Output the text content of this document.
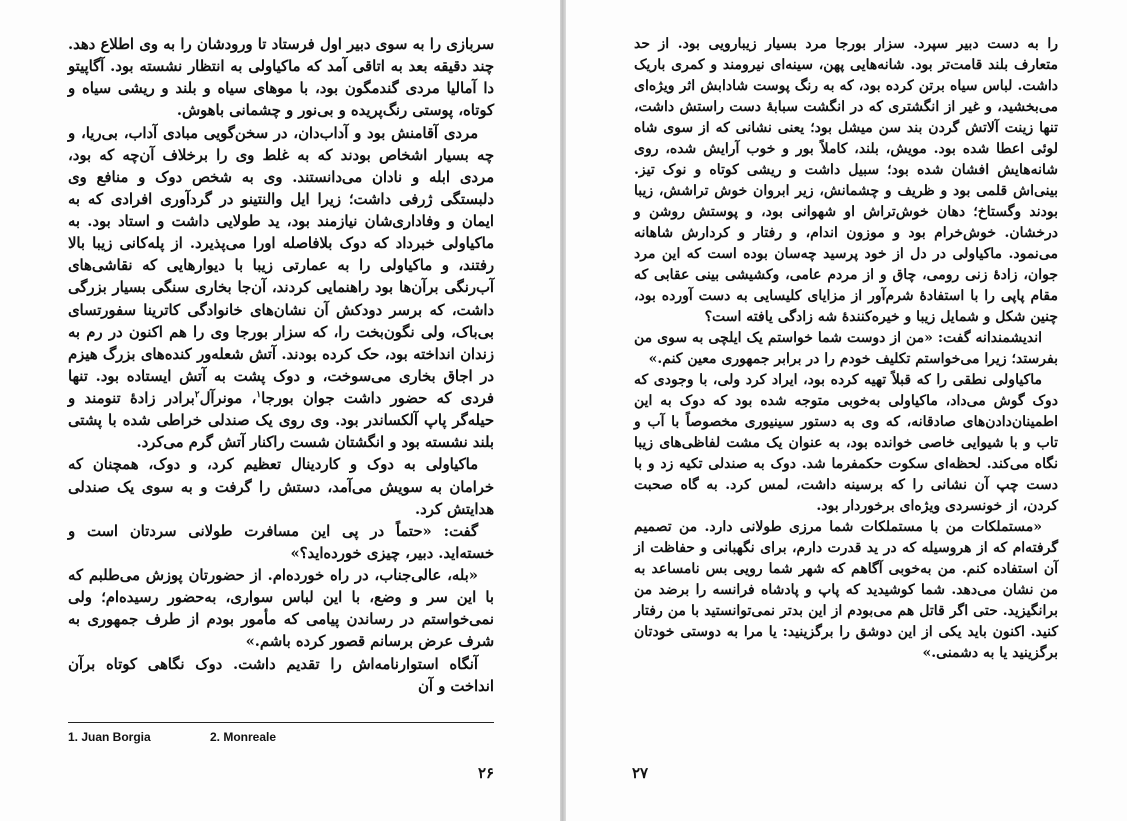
سربازی را به سوی دبیر اول فرستاد تا ورودشان را به وی اطلاع دهد. چند دقیقه بعد به اتاقی آمد که ماکیاولی به انتظار نشسته بود. آگاپیتو دا آمالیا مردی گندمگون بود، با موهای سیاه و بلند و ریشی سیاه و کوتاه، پوستی رنگ‌پریده و بی‌نور و چشمانی باهوش.

مردی آقامنش بود و آداب‌دان، در سخن‌گویی مبادی آداب، بی‌ریا، و چه بسیار اشخاص بودند که به غلط وی را برخلاف آن‌چه که بود، مردی ابله و نادان می‌دانستند. وی به شخص دوک و منافع وی دلبستگی ژرفی داشت؛ زیرا ایل والنتینو در گردآوری افرادی که به ایمان و وفاداری‌شان نیازمند بود، ید طولایی داشت و استاد بود. به ماکیاولی خبرداد که دوک بلافاصله اورا می‌پذیرد. از پله‌کانی زیبا بالا رفتند، و ماکیاولی را به عمارتی زیبا با دیوارهایی که نقاشی‌های آب‌رنگی بر‌آن‌ها بود راهنمایی کردند، آن‌جا بخاری سنگی بسیار بزرگی داشت، که برسر دودکش آن نشان‌های خانوادگی کاترینا سفورتسای بی‌باک، ولی نگون‌بخت را، که سزار بورجا وی را هم اکنون در رم به زندان انداخته بود، حک کرده بودند. آتش شعله‌ور کنده‌های بزرگ هیزم در اجاق بخاری می‌سوخت، و دوک پشت به آتش ایستاده بود. تنها فردی که حضور داشت جوان بورجا$^۱$، مونرآل$^۲$برادر زادهٔ تنومند و حیله‌گر پاپ آلکساندر بود. وی روی یک صندلی خراطی شده با پشتی بلند نشسته بود و انگشتان شست راکنار آتش گرم می‌کرد.

ماکیاولی به دوک و کاردینال تعظیم کرد، و دوک، همچنان که خرامان به سویش می‌آمد، دستش را گرفت و به سوی یک صندلی هدایتش کرد.

گفت: «حتماً در پی این مسافرت طولانی سردتان است و خسته‌اید. دبیر، چیزی خورده‌اید؟»

«بله، عالی‌جناب، در راه خورده‌ام. از حضورتان پوزش می‌طلبم که با این سر و وضع، با این لباس سواری، به‌حضور رسیده‌ام؛ ولی نمی‌خواستم در رساندن پیامی که مأمور بودم از طرف جمهوری به شرف عرض برسانم قصور کرده باشم.»

آنگاه استوارنامه‌اش را تقدیم داشت. دوک نگاهی کوتاه برآن انداخت و آن

1. Juan Borgia	2. Monreale
۲۶

را به دست دبیر سپرد. سزار بورجا مرد بسیار زیبارویی بود. از حد متعارف بلند قامت‌تر بود. شانه‌هایی پهن، سینه‌ای نیرومند و کمری باریک داشت. لباس سیاه برتن کرده بود، که به رنگ پوست شادابش اثر ویژه‌ای می‌بخشید، و غیر از انگشتری که در انگشت سبابهٔ دست راستش داشت، تنها زینت آلاتش گردن بند سن میشل بود؛ یعنی نشانی که از سوی شاه لوئی اعطا شده بود. مویش، بلند، کاملاً بور و خوب آرایش شده، روی شانه‌هایش افشان شده بود؛ سبیل داشت و ریشی کوتاه و نوک تیز. بینی‌اش قلمی بود و ظریف و چشمانش، زیر ابروان خوش تراشش، زیبا بودند وگستاخ؛ دهان خوش‌تراش او شهوانی بود، و پوستش روشن و درخشان. خوش‌خرام بود و موزون اندام، و رفتار و کردارش شاهانه می‌نمود. ماکیاولی در دل از خود پرسید چه‌سان بوده است که این مرد جوان، زادهٔ زنی رومی، چاق و از مردم عامی، وکشیشی بینی عقابی که مقام پاپی را با استفادهٔ شرم‌آور از مزایای کلیسایی به دست آورده بود، چنین شکل و شمایل زیبا و خیره‌کنندهٔ شه زادگی یافته است؟

اندیشمندانه گفت: «من از دوست شما خواستم یک ایلچی به سوی من بفرستد؛ زیرا می‌خواستم تکلیف خودم را در برابر جمهوری معین کنم.»

ماکیاولی نطقی را که قبلاً تهیه کرده بود، ایراد کرد ولی، با وجودی که دوک گوش می‌داد، ماکیاولی به‌خوبی متوجه شده بود که دوک به این اطمینان‌دادن‌های صادقانه، که وی به دستور سینیوری مخصوصاً با آب و تاب و با شیوایی خاصی خوانده بود، به عنوان یک مشت لفاظی‌های زیبا نگاه می‌کند. لحظه‌ای سکوت حکمفرما شد. دوک به صندلی تکیه زد و با دست چپ آن نشانی را که برسینه داشت، لمس کرد. به گاه صحبت کردن، از خونسردی ویژه‌ای برخوردار بود.

«مستملکات من با مستملکات شما مرزی طولانی دارد. من تصمیم گرفته‌ام که از هروسیله که در ید قدرت دارم، برای نگهبانی و حفاظت از آن استفاده کنم. من به‌خوبی آگاهم که شهر شما رویی بس نامساعد به من نشان می‌دهد. شما کوشیدید که پاپ و پادشاه فرانسه را برضد من برانگیزید. حتی اگر قاتل هم می‌بودم از این بدتر نمی‌توانستید با من رفتار کنید. اکنون باید یکی از این دوشق را برگزینید: یا مرا به دوستی خودتان برگزینید یا به دشمنی.»

۲۷
